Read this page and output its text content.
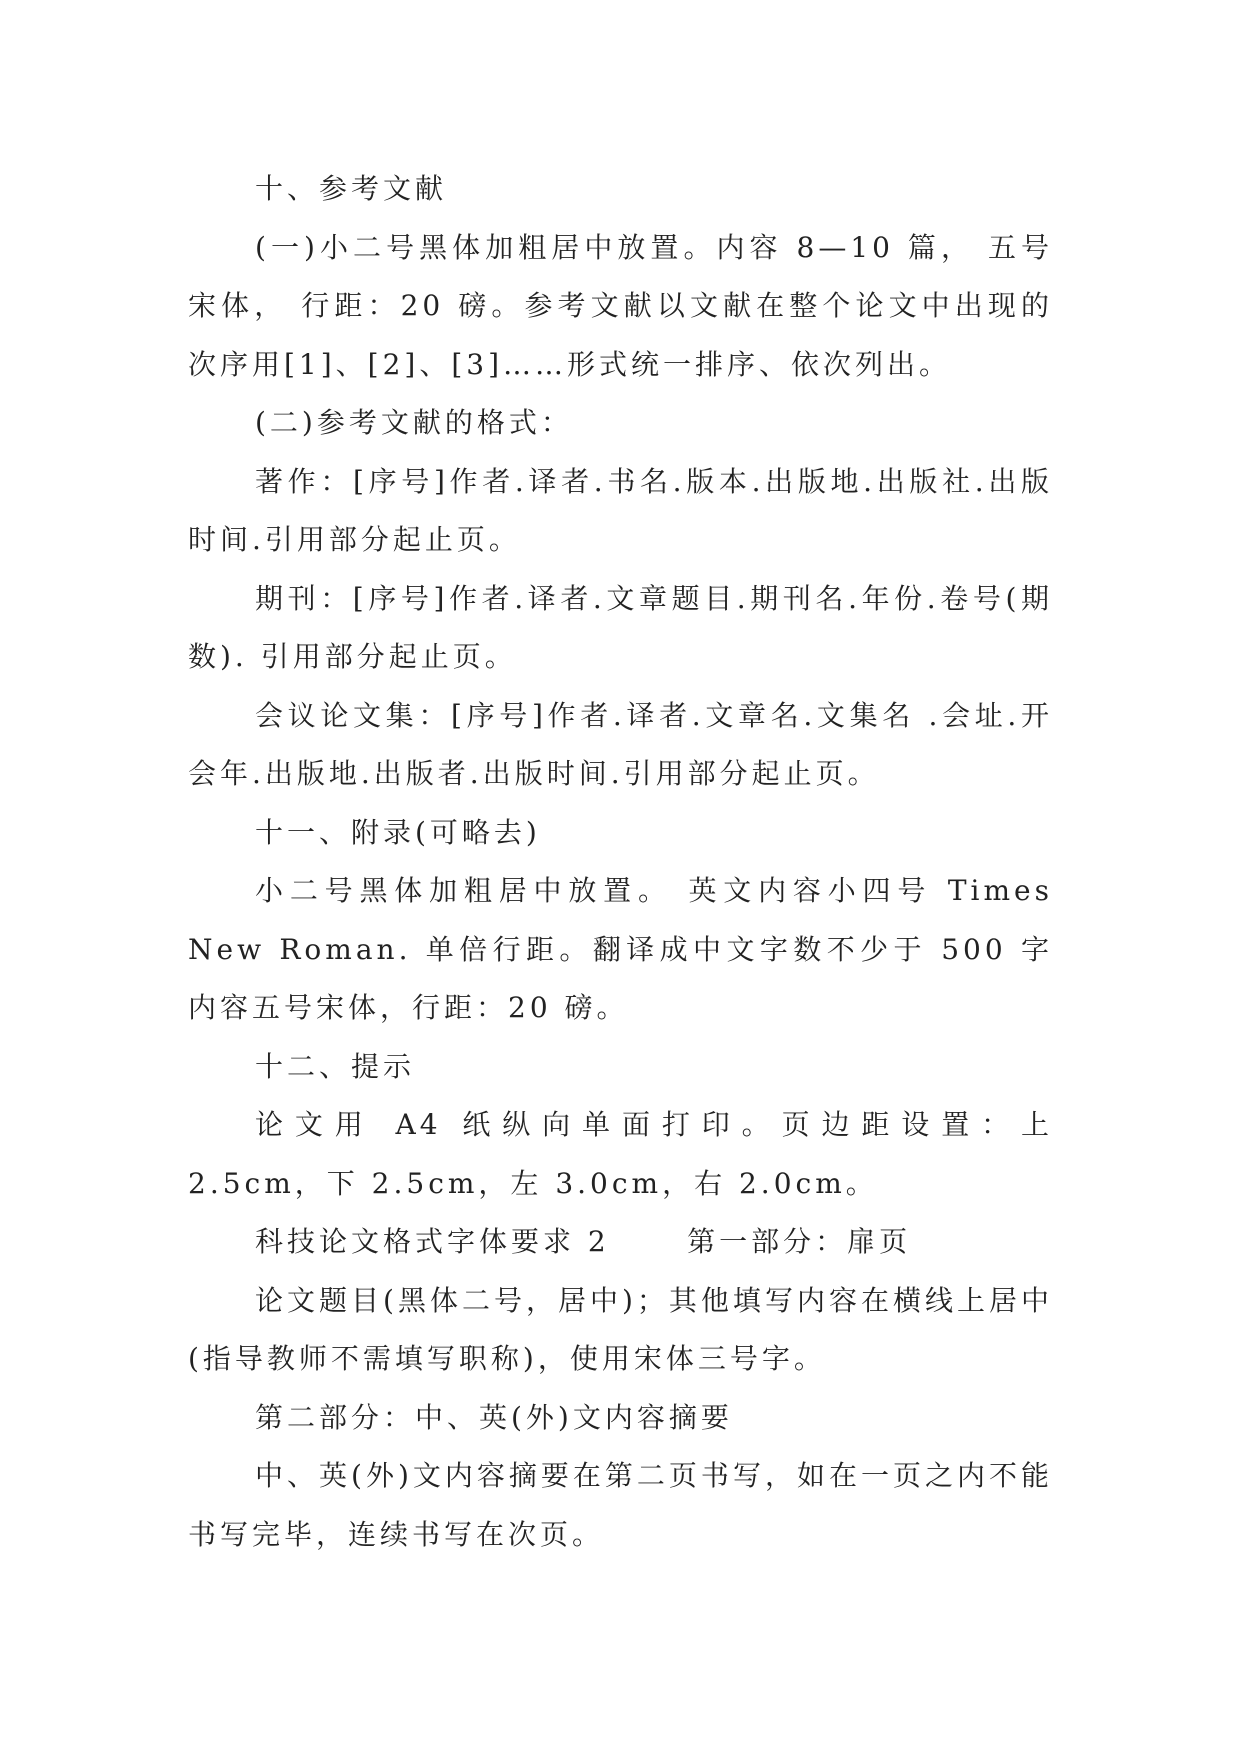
十、参考文献

(一)小二号黑体加粗居中放置。内容 8—10 篇， 五号宋体， 行距：20 磅。参考文献以文献在整个论文中出现的次序用[1]、[2]、[3]……形式统一排序、依次列出。

(二)参考文献的格式：

著作：[序号]作者.译者.书名.版本.出版地.出版社.出版时间.引用部分起止页。

期刊：[序号]作者.译者.文章题目.期刊名.年份.卷号(期数). 引用部分起止页。

会议论文集：[序号]作者.译者.文章名.文集名 .会址.开会年.出版地.出版者.出版时间.引用部分起止页。

十一、附录(可略去)

小二号黑体加粗居中放置。 英文内容小四号 Times New Roman. 单倍行距。翻译成中文字数不少于 500 字 内容五号宋体，行距：20 磅。

十二、提示

论文用 A4 纸纵向单面打印。页边距设置：上 2.5cm，下 2.5cm，左 3.0cm，右 2.0cm。

科技论文格式字体要求 2      第一部分：扉页

论文题目(黑体二号，居中)；其他填写内容在横线上居中(指导教师不需填写职称)，使用宋体三号字。

第二部分：中、英(外)文内容摘要

中、英(外)文内容摘要在第二页书写，如在一页之内不能书写完毕，连续书写在次页。
